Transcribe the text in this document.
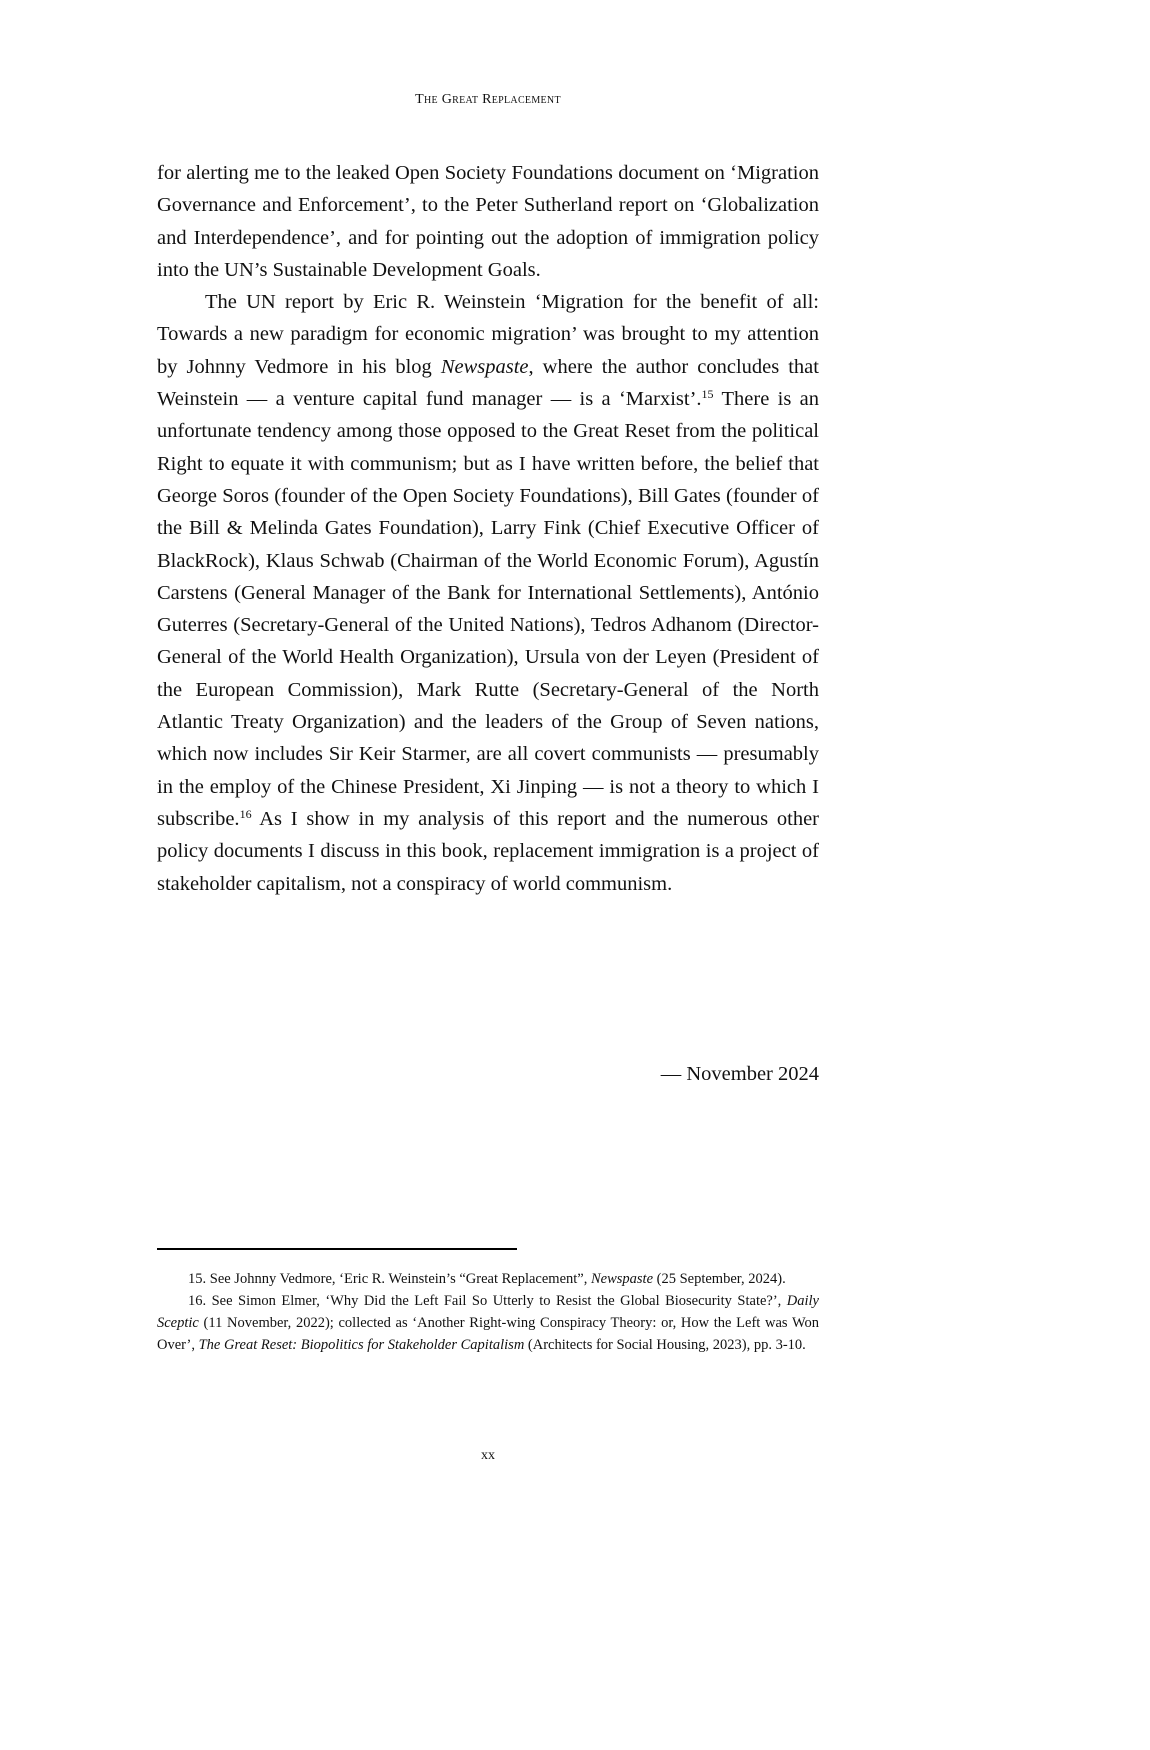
The Great Replacement

for alerting me to the leaked Open Society Foundations document on ‘Migration Governance and Enforcement’, to the Peter Sutherland report on ‘Globalization and Interdependence’, and for pointing out the adoption of immigration policy into the UN’s Sustainable Development Goals.

The UN report by Eric R. Weinstein ‘Migration for the benefit of all: Towards a new paradigm for economic migration’ was brought to my attention by Johnny Vedmore in his blog Newspaste, where the author concludes that Weinstein — a venture capital fund manager — is a ‘Marxist’.$^{15}$ There is an unfortunate tendency among those opposed to the Great Reset from the political Right to equate it with communism; but as I have written before, the belief that George Soros (founder of the Open Society Foundations), Bill Gates (founder of the Bill & Melinda Gates Foundation), Larry Fink (Chief Executive Officer of BlackRock), Klaus Schwab (Chairman of the World Economic Forum), Agustín Carstens (General Manager of the Bank for International Settlements), António Guterres (Secretary-General of the United Nations), Tedros Adhanom (Director-General of the World Health Organization), Ursula von der Leyen (President of the European Commission), Mark Rutte (Secretary-General of the North Atlantic Treaty Organization) and the leaders of the Group of Seven nations, which now includes Sir Keir Starmer, are all covert communists — presumably in the employ of the Chinese President, Xi Jinping — is not a theory to which I subscribe.$^{16}$ As I show in my analysis of this report and the numerous other policy documents I discuss in this book, replacement immigration is a project of stakeholder capitalism, not a conspiracy of world communism.

— November 2024

15. See Johnny Vedmore, ‘Eric R. Weinstein’s “Great Replacement”, Newspaste (25 September, 2024).

16. See Simon Elmer, ‘Why Did the Left Fail So Utterly to Resist the Global Biosecurity State?’, Daily Sceptic (11 November, 2022); collected as ‘Another Right-wing Conspiracy Theory: or, How the Left was Won Over’, The Great Reset: Biopolitics for Stakeholder Capitalism (Architects for Social Housing, 2023), pp. 3-10.

xx
